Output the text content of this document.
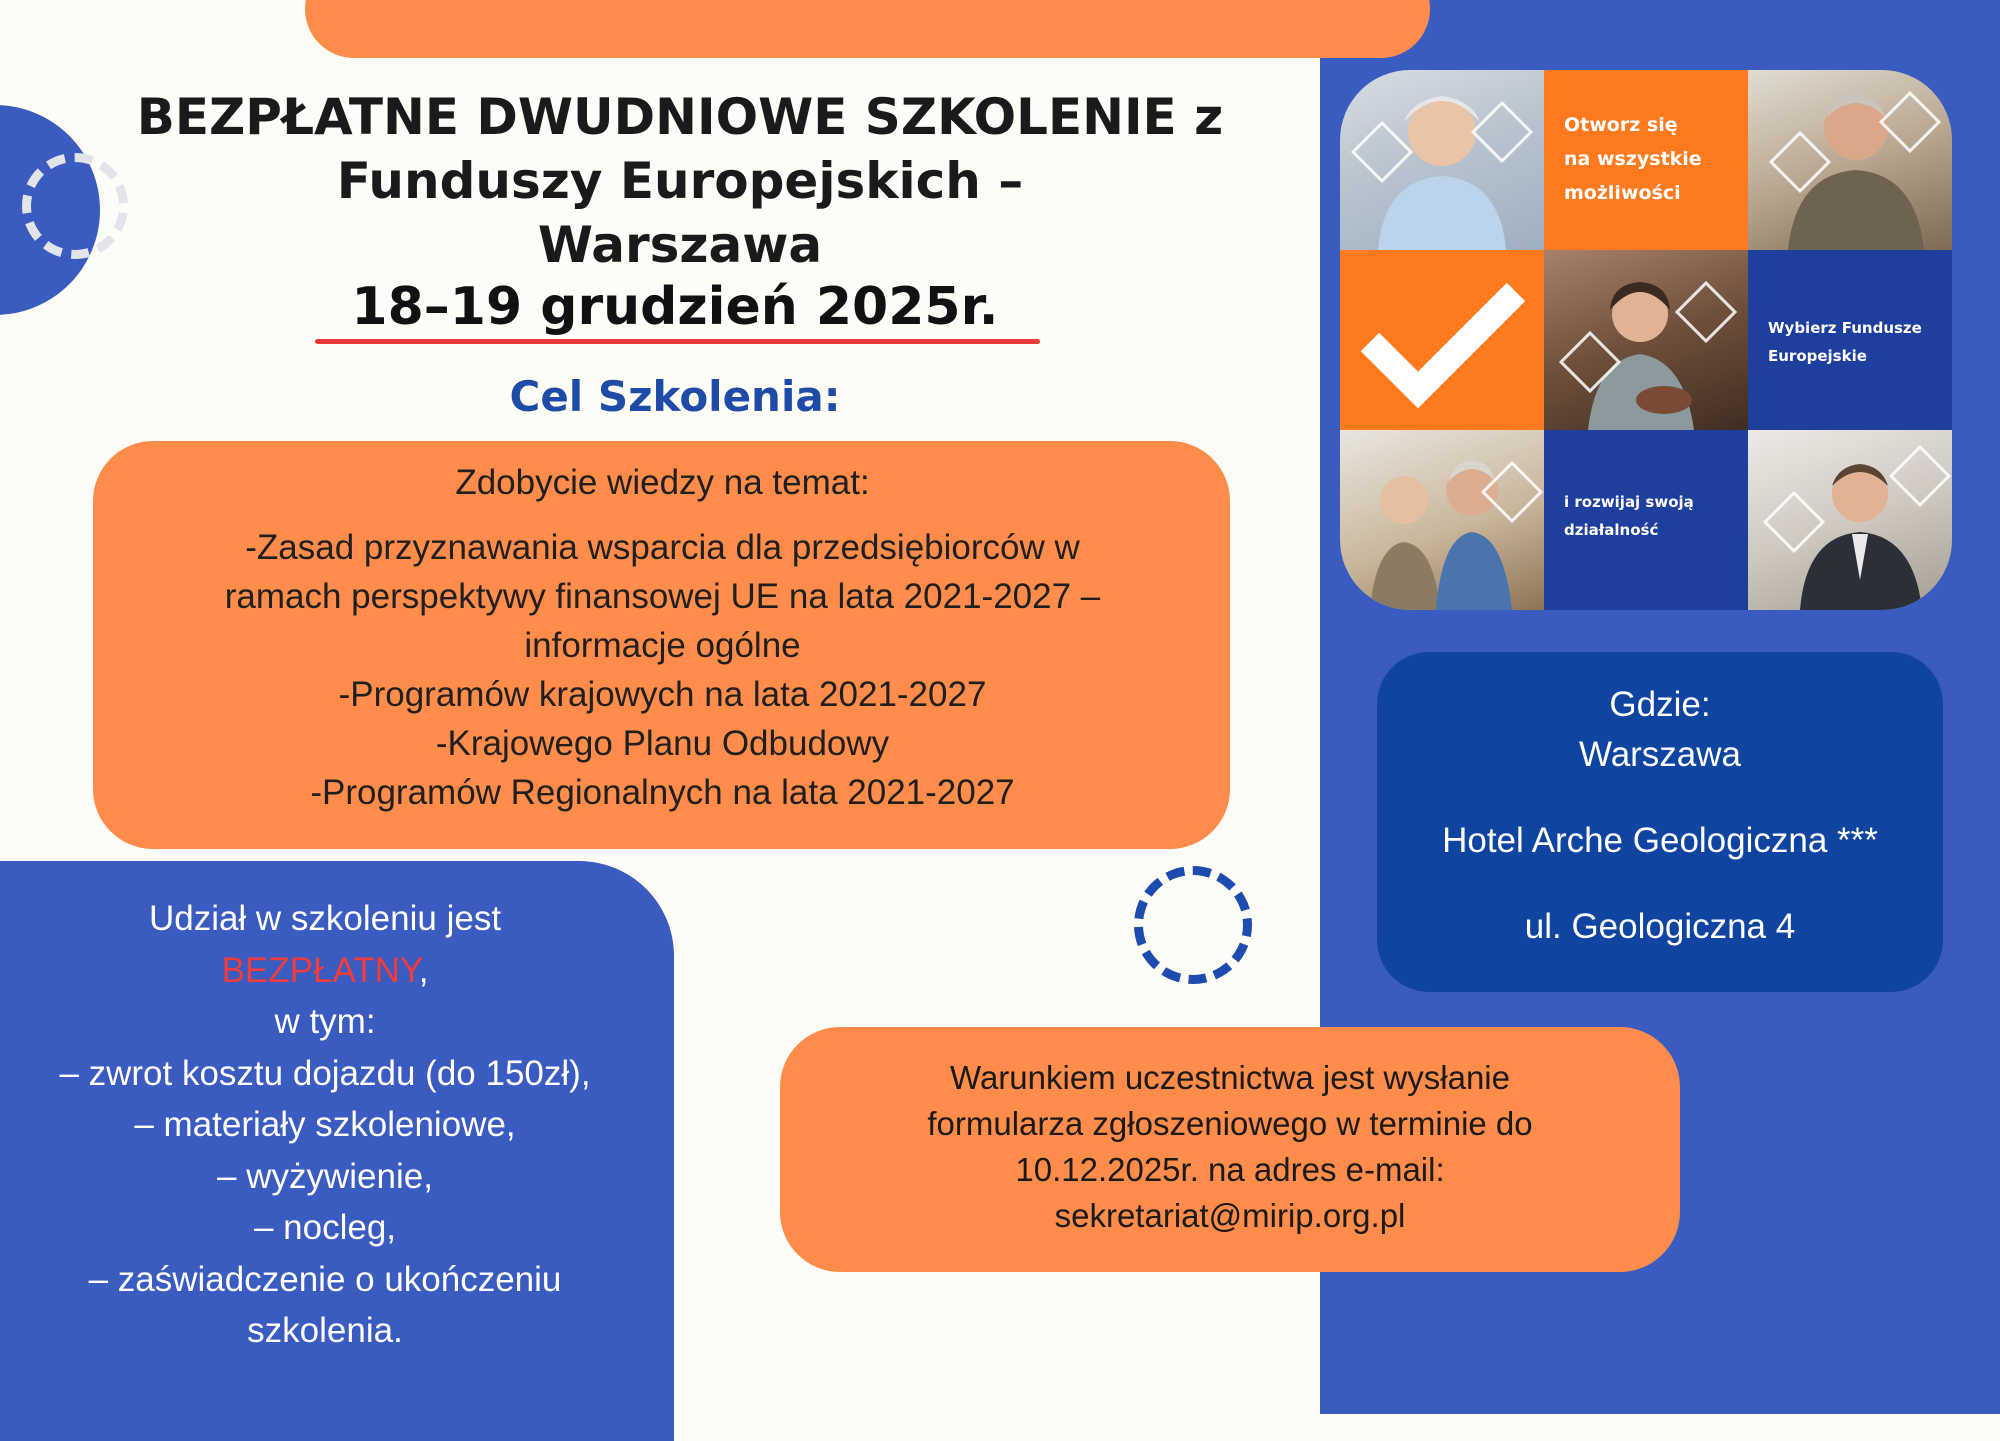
BEZPŁATNE DWUDNIOWE SZKOLENIE z
Funduszy Europejskich –
Warszawa
18–19 grudzień 2025r.
Cel Szkolenia:
Zdobycie wiedzy na temat:
-Zasad przyznawania wsparcia dla przedsiębiorców w
ramach perspektywy finansowej UE na lata 2021-2027 –
informacje ogólne
-Programów krajowych na lata 2021-2027
-Krajowego Planu Odbudowy
-Programów Regionalnych na lata 2021-2027
Otworz się
na wszystkie
możliwości
Wybierz Fundusze
Europejskie
i rozwijaj swoją
działalność
Gdzie:
Warszawa
Hotel Arche Geologiczna ***
ul. Geologiczna 4
Udział w szkoleniu jest
BEZPŁATNY,
w tym:
– zwrot kosztu dojazdu (do 150zł),
– materiały szkoleniowe,
– wyżywienie,
– nocleg,
– zaświadczenie o ukończeniu
szkolenia.
Warunkiem uczestnictwa jest wysłanie
formularza zgłoszeniowego w terminie do
10.12.2025r. na adres e-mail:
sekretariat@mirip.org.pl
